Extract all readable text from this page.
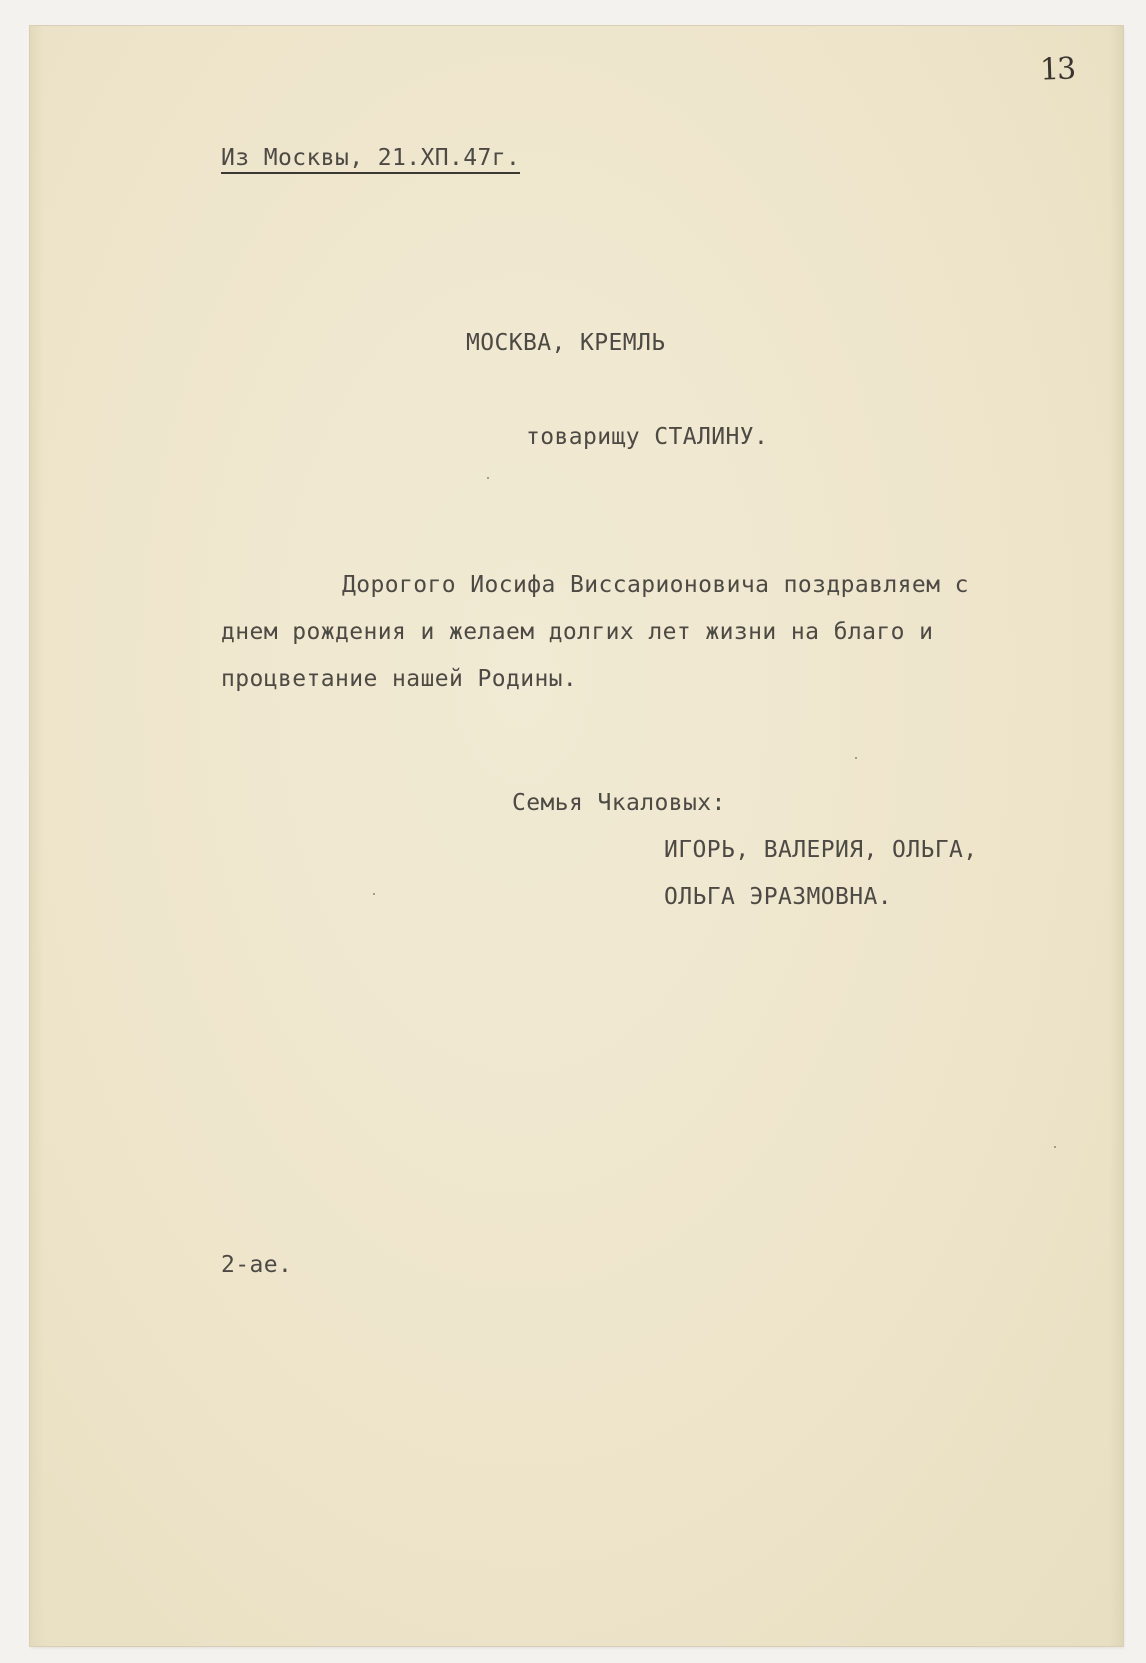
13
Из Москвы, 21.ХП.47г.
МОСКВА, КРЕМЛЬ
товарищу СТАЛИНУ.
Дорогого Иосифа Виссарионовича поздравляем с
днем рождения и желаем долгих лет жизни на благо и
процветание нашей Родины.
Семья Чкаловых:
ИГОРЬ, ВАЛЕРИЯ, ОЛЬГА,
ОЛЬГА ЭРАЗМОВНА.
2-ае.
